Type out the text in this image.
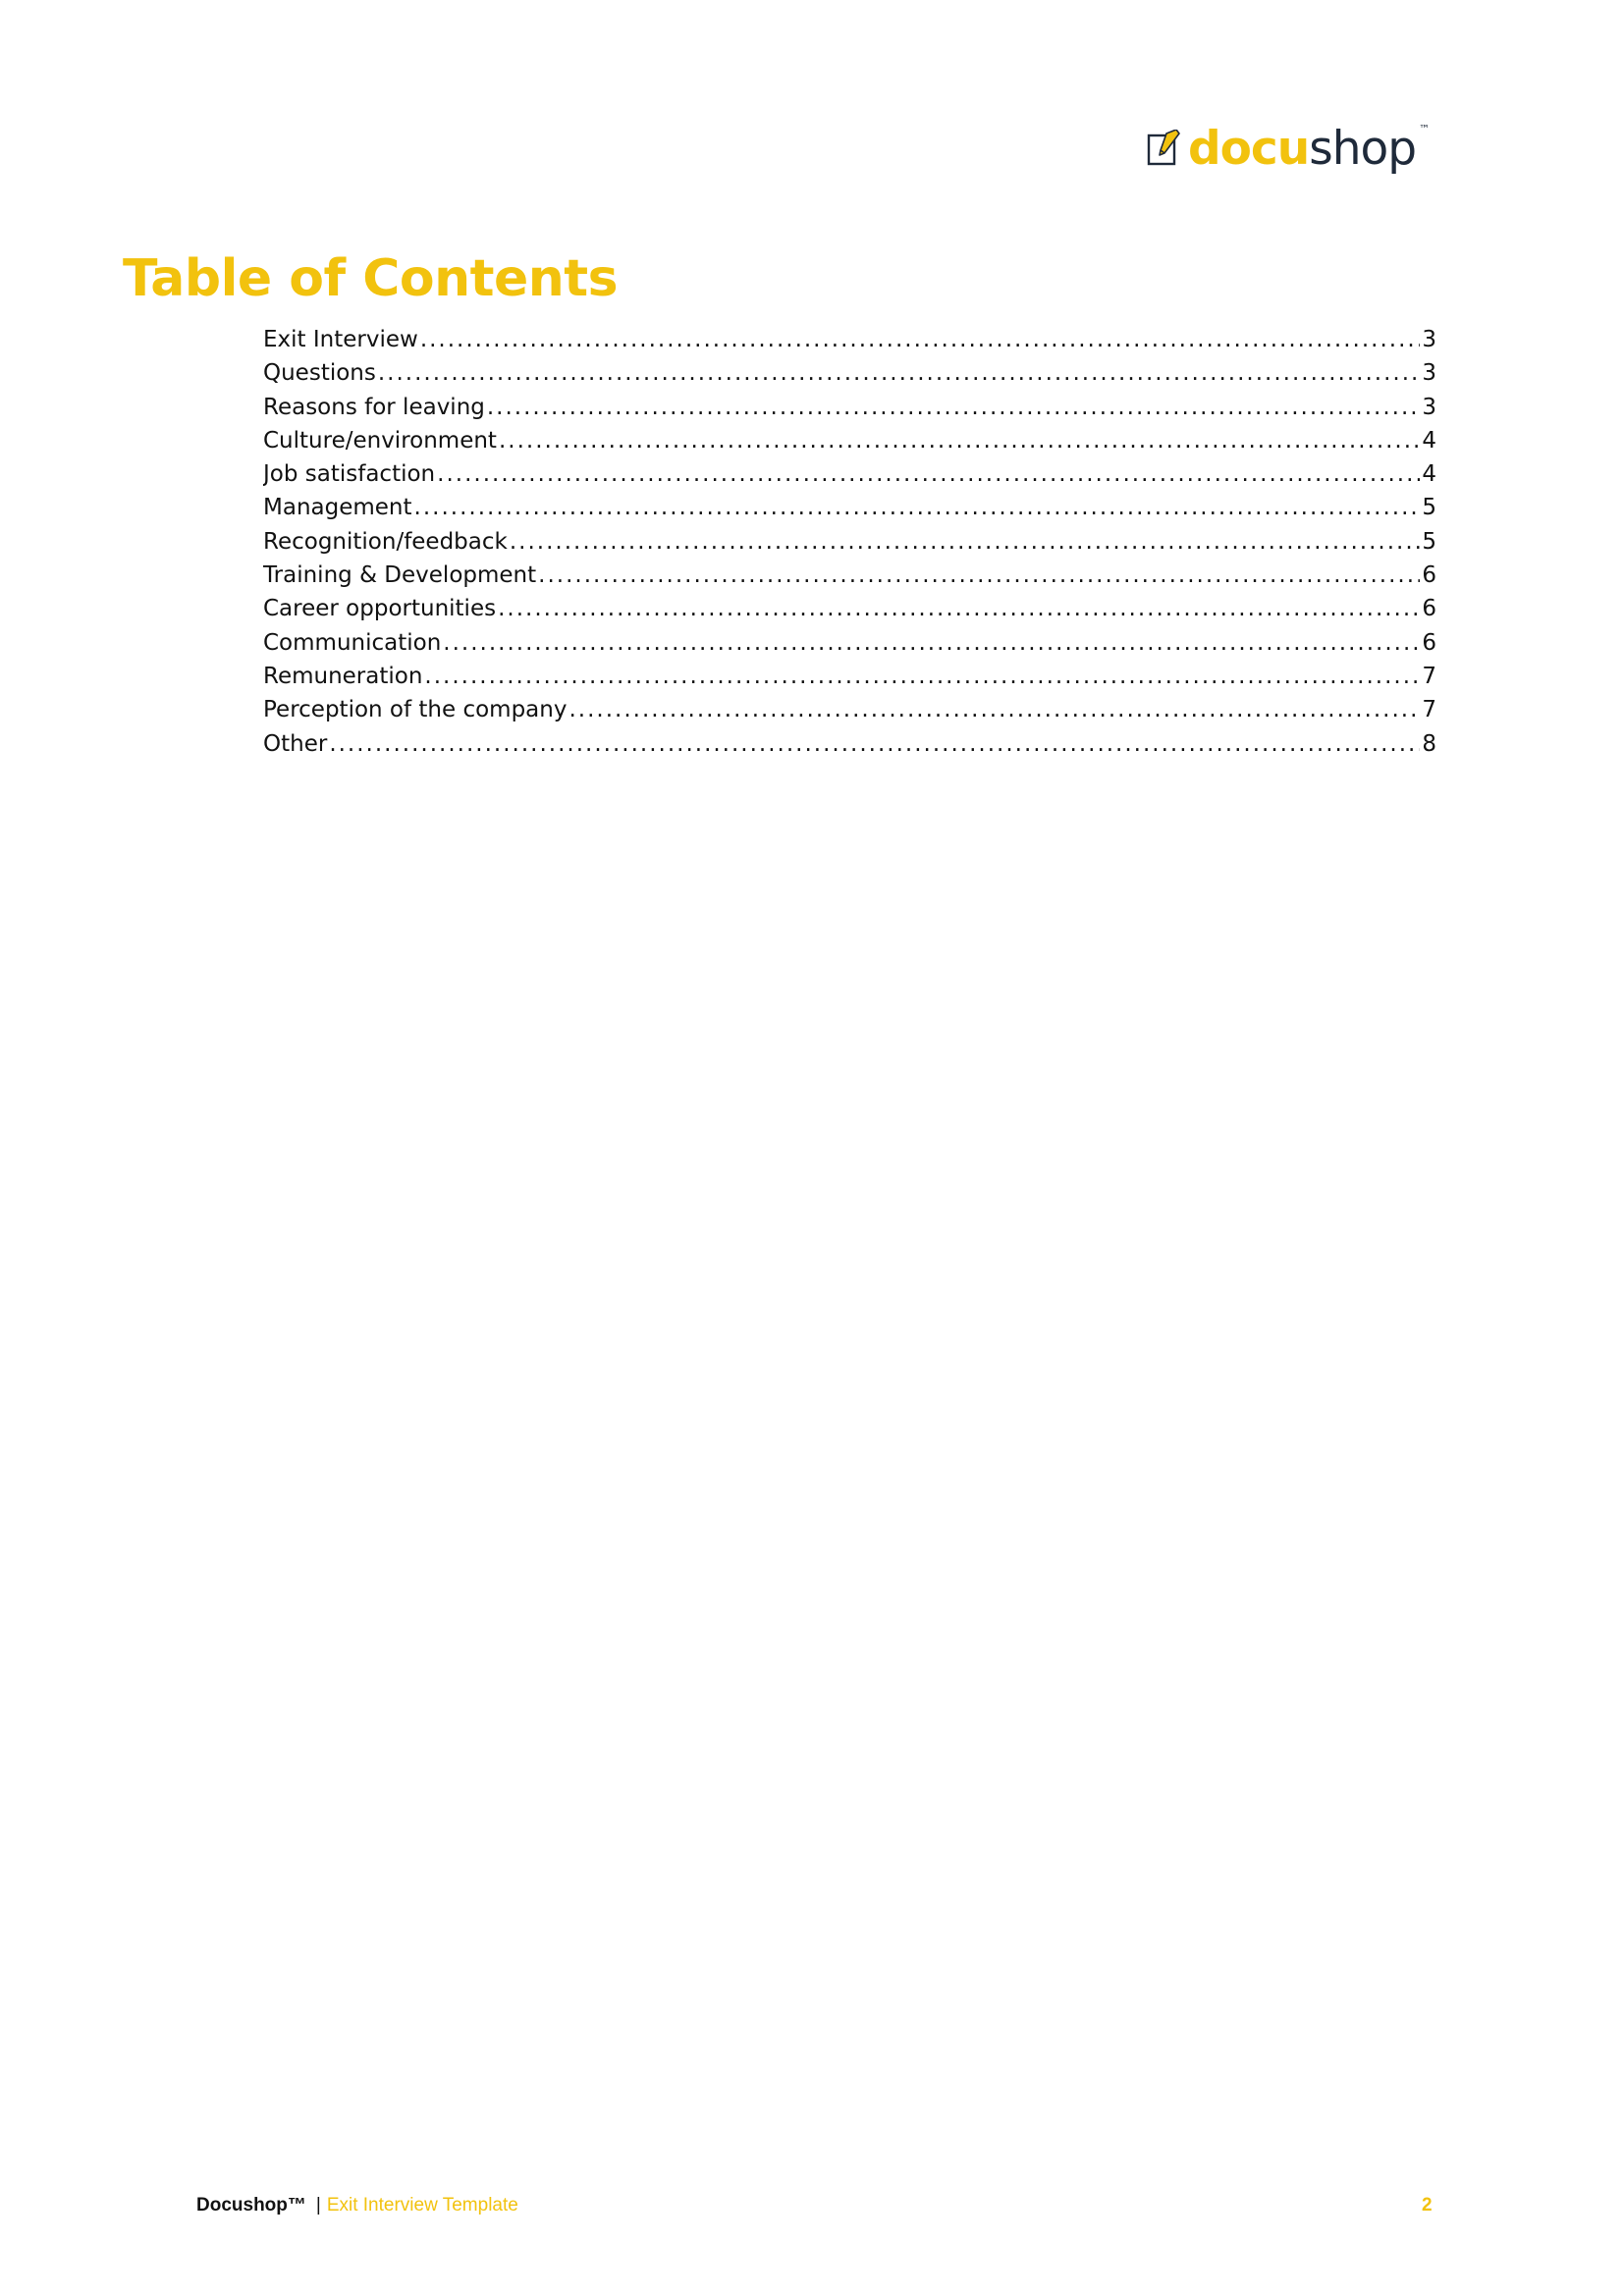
docushop ™
Table of Contents
Exit Interview .....	3
Questions .....	3
Reasons for leaving .....	3
Culture/environment .....	4
Job satisfaction .....	4
Management .....	5
Recognition/feedback .....	5
Training & Development .....	6
Career opportunities .....	6
Communication .....	6
Remuneration .....	7
Perception of the company .....	7
Other .....	8
Docushop™ | Exit Interview Template	2
